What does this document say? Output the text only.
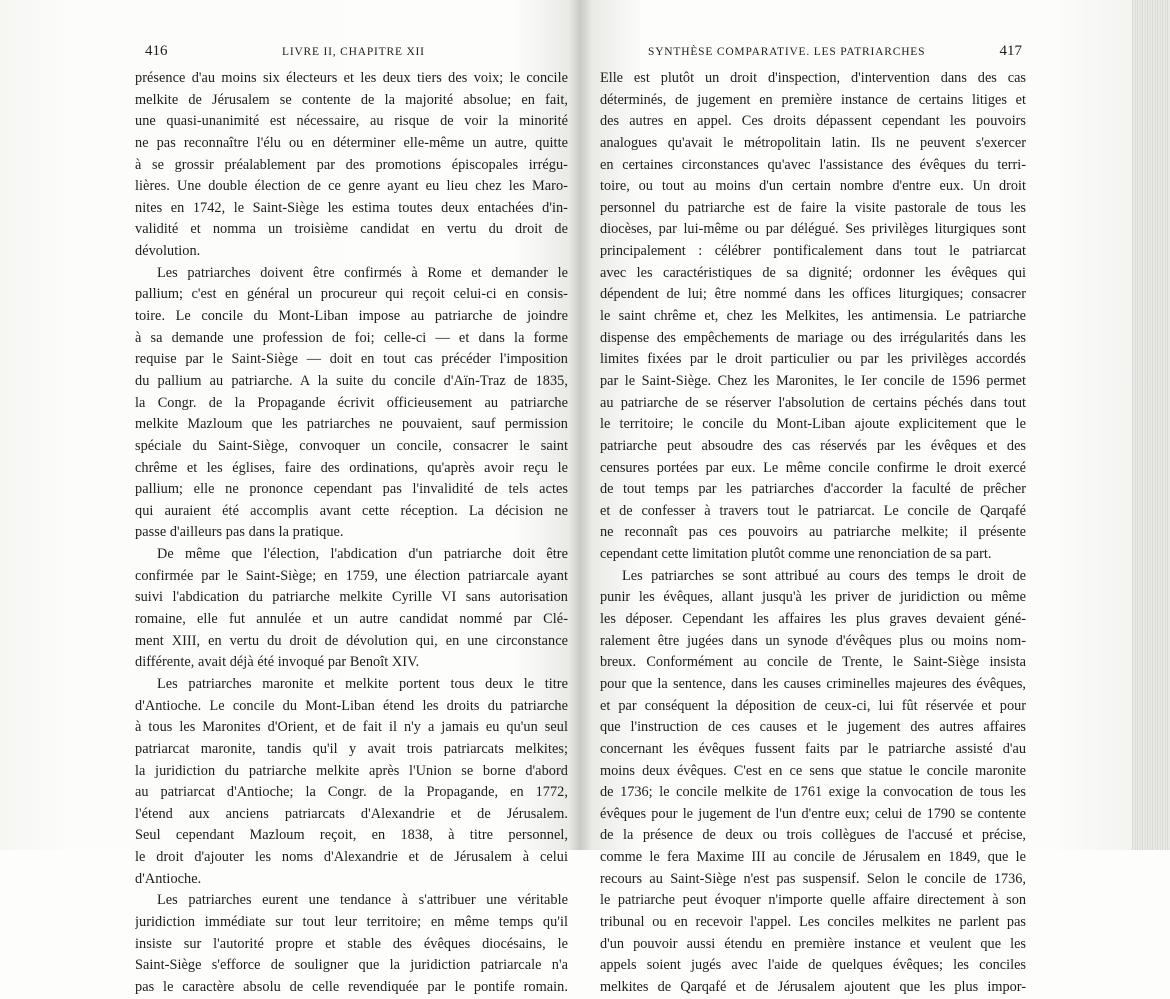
416	LIVRE II, CHAPITRE XII
présence d'au moins six électeurs et les deux tiers des voix; le concile
melkite de Jérusalem se contente de la majorité absolue; en fait,
une quasi-unanimité est nécessaire, au risque de voir la minorité
ne pas reconnaître l'élu ou en déterminer elle-même un autre, quitte
à se grossir préalablement par des promotions épiscopales irrégu-
lières. Une double élection de ce genre ayant eu lieu chez les Maro-
nites en 1742, le Saint-Siège les estima toutes deux entachées d'in-
validité et nomma un troisième candidat en vertu du droit de
dévolution.
Les patriarches doivent être confirmés à Rome et demander le
pallium; c'est en général un procureur qui reçoit celui-ci en consis-
toire. Le concile du Mont-Liban impose au patriarche de joindre
à sa demande une profession de foi; celle-ci — et dans la forme
requise par le Saint-Siège — doit en tout cas précéder l'imposition
du pallium au patriarche. A la suite du concile d'Aïn-Traz de 1835,
la Congr. de la Propagande écrivit officieusement au patriarche
melkite Mazloum que les patriarches ne pouvaient, sauf permission
spéciale du Saint-Siège, convoquer un concile, consacrer le saint
chrême et les églises, faire des ordinations, qu'après avoir reçu le
pallium; elle ne prononce cependant pas l'invalidité de tels actes
qui auraient été accomplis avant cette réception. La décision ne
passe d'ailleurs pas dans la pratique.
De même que l'élection, l'abdication d'un patriarche doit être
confirmée par le Saint-Siège; en 1759, une élection patriarcale ayant
suivi l'abdication du patriarche melkite Cyrille VI sans autorisation
romaine, elle fut annulée et un autre candidat nommé par Clé-
ment XIII, en vertu du droit de dévolution qui, en une circonstance
différente, avait déjà été invoqué par Benoît XIV.
Les patriarches maronite et melkite portent tous deux le titre
d'Antioche. Le concile du Mont-Liban étend les droits du patriarche
à tous les Maronites d'Orient, et de fait il n'y a jamais eu qu'un seul
patriarcat maronite, tandis qu'il y avait trois patriarcats melkites;
la juridiction du patriarche melkite après l'Union se borne d'abord
au patriarcat d'Antioche; la Congr. de la Propagande, en 1772,
l'étend aux anciens patriarcats d'Alexandrie et de Jérusalem.
Seul cependant Mazloum reçoit, en 1838, à titre personnel,
le droit d'ajouter les noms d'Alexandrie et de Jérusalem à celui
d'Antioche.
Les patriarches eurent une tendance à s'attribuer une véritable
juridiction immédiate sur tout leur territoire; en même temps qu'il
insiste sur l'autorité propre et stable des évêques diocésains, le
Saint-Siège s'efforce de souligner que la juridiction patriarcale n'a
pas le caractère absolu de celle revendiquée par le pontife romain.
SYNTHÈSE COMPARATIVE. LES PATRIARCHES	417
Elle est plutôt un droit d'inspection, d'intervention dans des cas
déterminés, de jugement en première instance de certains litiges et
des autres en appel. Ces droits dépassent cependant les pouvoirs
analogues qu'avait le métropolitain latin. Ils ne peuvent s'exercer
en certaines circonstances qu'avec l'assistance des évêques du terri-
toire, ou tout au moins d'un certain nombre d'entre eux. Un droit
personnel du patriarche est de faire la visite pastorale de tous les
diocèses, par lui-même ou par délégué. Ses privilèges liturgiques sont
principalement : célébrer pontificalement dans tout le patriarcat
avec les caractéristiques de sa dignité; ordonner les évêques qui
dépendent de lui; être nommé dans les offices liturgiques; consacrer
le saint chrême et, chez les Melkites, les antimensia. Le patriarche
dispense des empêchements de mariage ou des irrégularités dans les
limites fixées par le droit particulier ou par les privilèges accordés
par le Saint-Siège. Chez les Maronites, le Ier concile de 1596 permet
au patriarche de se réserver l'absolution de certains péchés dans tout
le territoire; le concile du Mont-Liban ajoute explicitement que le
patriarche peut absoudre des cas réservés par les évêques et des
censures portées par eux. Le même concile confirme le droit exercé
de tout temps par les patriarches d'accorder la faculté de prêcher
et de confesser à travers tout le patriarcat. Le concile de Qarqafé
ne reconnaît pas ces pouvoirs au patriarche melkite; il présente
cependant cette limitation plutôt comme une renonciation de sa part.
Les patriarches se sont attribué au cours des temps le droit de
punir les évêques, allant jusqu'à les priver de juridiction ou même
les déposer. Cependant les affaires les plus graves devaient géné-
ralement être jugées dans un synode d'évêques plus ou moins nom-
breux. Conformément au concile de Trente, le Saint-Siège insista
pour que la sentence, dans les causes criminelles majeures des évêques,
et par conséquent la déposition de ceux-ci, lui fût réservée et pour
que l'instruction de ces causes et le jugement des autres affaires
concernant les évêques fussent faits par le patriarche assisté d'au
moins deux évêques. C'est en ce sens que statue le concile maronite
de 1736; le concile melkite de 1761 exige la convocation de tous les
évêques pour le jugement de l'un d'entre eux; celui de 1790 se contente
de la présence de deux ou trois collègues de l'accusé et précise,
comme le fera Maxime III au concile de Jérusalem en 1849, que le
recours au Saint-Siège n'est pas suspensif. Selon le concile de 1736,
le patriarche peut évoquer n'importe quelle affaire directement à son
tribunal ou en recevoir l'appel. Les conciles melkites ne parlent pas
d'un pouvoir aussi étendu en première instance et veulent que les
appels soient jugés avec l'aide de quelques évêques; les conciles
melkites de Qarqafé et de Jérusalem ajoutent que les plus impor-
